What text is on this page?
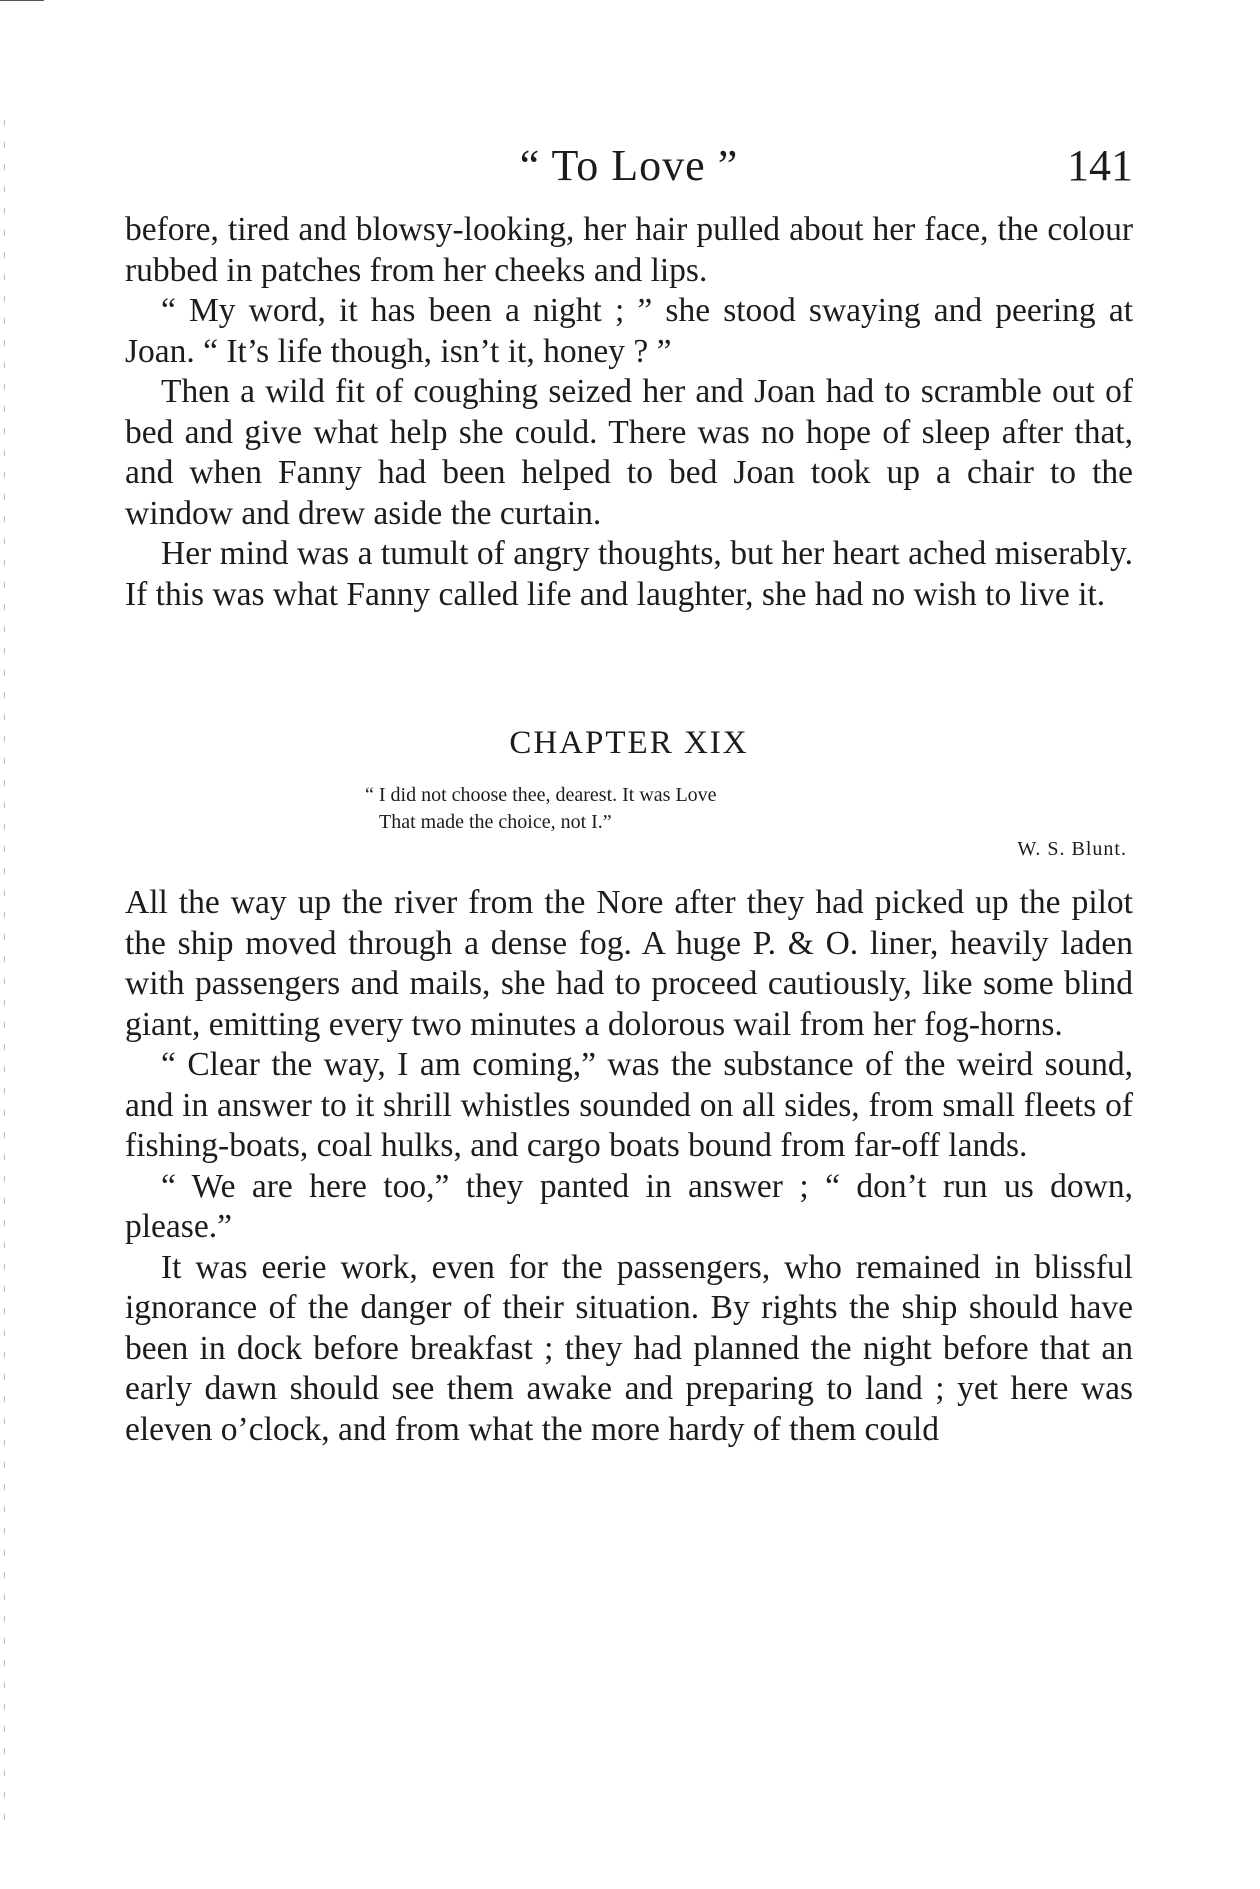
“ To Love ”	141

before, tired and blowsy-looking, her hair pulled about her face, the colour rubbed in patches from her cheeks and lips.

“ My word, it has been a night ; ” she stood swaying and peering at Joan. “ It’s life though, isn’t it, honey ? ”

Then a wild fit of coughing seized her and Joan had to scramble out of bed and give what help she could. There was no hope of sleep after that, and when Fanny had been helped to bed Joan took up a chair to the window and drew aside the curtain.

Her mind was a tumult of angry thoughts, but her heart ached miserably. If this was what Fanny called life and laughter, she had no wish to live it.

CHAPTER XIX
“ I did not choose thee, dearest. It was Love
That made the choice, not I.”
W. S. Blunt.

All the way up the river from the Nore after they had picked up the pilot the ship moved through a dense fog. A huge P. & O. liner, heavily laden with passengers and mails, she had to proceed cautiously, like some blind giant, emitting every two minutes a dolorous wail from her fog-horns.

“ Clear the way, I am coming,” was the substance of the weird sound, and in answer to it shrill whistles sounded on all sides, from small fleets of fishing-boats, coal hulks, and cargo boats bound from far-off lands.

“ We are here too,” they panted in answer ; “ don’t run us down, please.”

It was eerie work, even for the passengers, who remained in blissful ignorance of the danger of their situation. By rights the ship should have been in dock before breakfast ; they had planned the night before that an early dawn should see them awake and preparing to land ; yet here was eleven o’clock, and from what the more hardy of them could
